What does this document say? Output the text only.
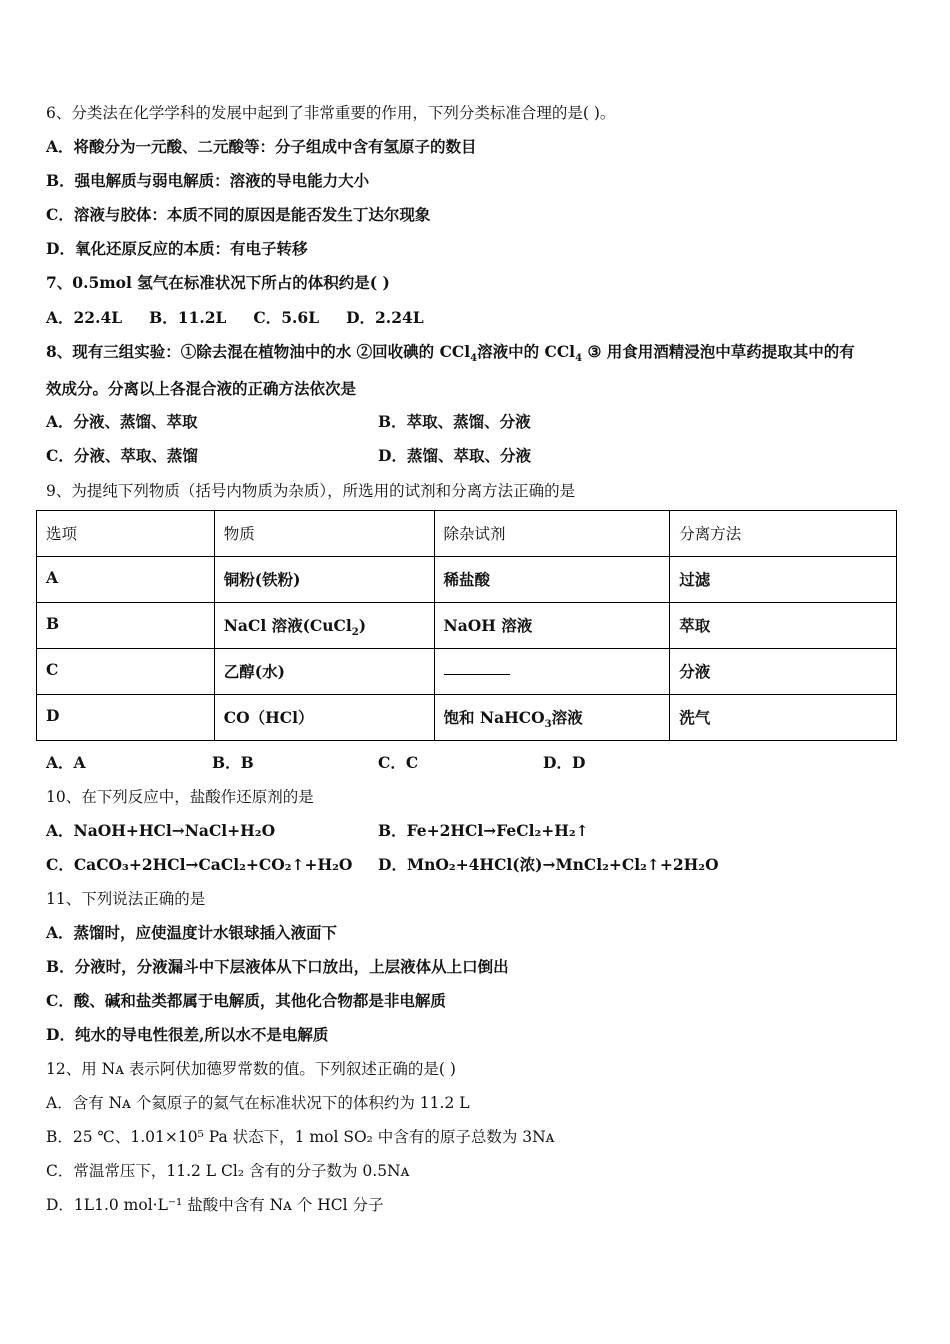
6、分类法在化学学科的发展中起到了非常重要的作用，下列分类标准合理的是( )。
A．将酸分为一元酸、二元酸等：分子组成中含有氢原子的数目
B．强电解质与弱电解质：溶液的导电能力大小
C．溶液与胶体：本质不同的原因是能否发生丁达尔现象
D．氧化还原反应的本质：有电子转移
7、0.5mol 氢气在标准状况下所占的体积约是( )
A．22.4L     B．11.2L     C．5.6L     D．2.24L
8、现有三组实验：①除去混在植物油中的水 ②回收碘的 CCl$_4$溶液中的 CCl$_4$ ③ 用食用酒精浸泡中草药提取其中的有
效成分。分离以上各混合液的正确方法依次是
A．分液、蒸馏、萃取	B．萃取、蒸馏、分液
C．分液、萃取、蒸馏	D．蒸馏、萃取、分液
9、为提纯下列物质（括号内物质为杂质），所选用的试剂和分离方法正确的是
选项	物质	除杂试剂	分离方法
A	铜粉(铁粉)	稀盐酸	过滤
B	NaCl 溶液(CuCl$_2$)	NaOH 溶液	萃取
C	乙醇(水)		分液
D	CO（HCl）	饱和 NaHCO$_3$溶液	洗气
A．A	B．B	C．C	D．D
10、在下列反应中，盐酸作还原剂的是
A．NaOH+HCl→NaCl+H₂O	B．Fe+2HCl→FeCl₂+H₂↑
C．CaCO₃+2HCl→CaCl₂+CO₂↑+H₂O D．MnO₂+4HCl(浓)→MnCl₂+Cl₂↑+2H₂O
11、下列说法正确的是
A．蒸馏时，应使温度计水银球插入液面下
B．分液时，分液漏斗中下层液体从下口放出，上层液体从上口倒出
C．酸、碱和盐类都属于电解质，其他化合物都是非电解质
D．纯水的导电性很差,所以水不是电解质
12、用 Nᴀ 表示阿伏加德罗常数的值。下列叙述正确的是( )
A．含有 Nᴀ 个氦原子的氦气在标准状况下的体积约为 11.2 L
B．25 ℃、1.01×10⁵ Pa 状态下，1 mol SO₂ 中含有的原子总数为 3Nᴀ
C．常温常压下，11.2 L Cl₂ 含有的分子数为 0.5Nᴀ
D．1L1.0 mol·L⁻¹ 盐酸中含有 Nᴀ 个 HCl 分子
